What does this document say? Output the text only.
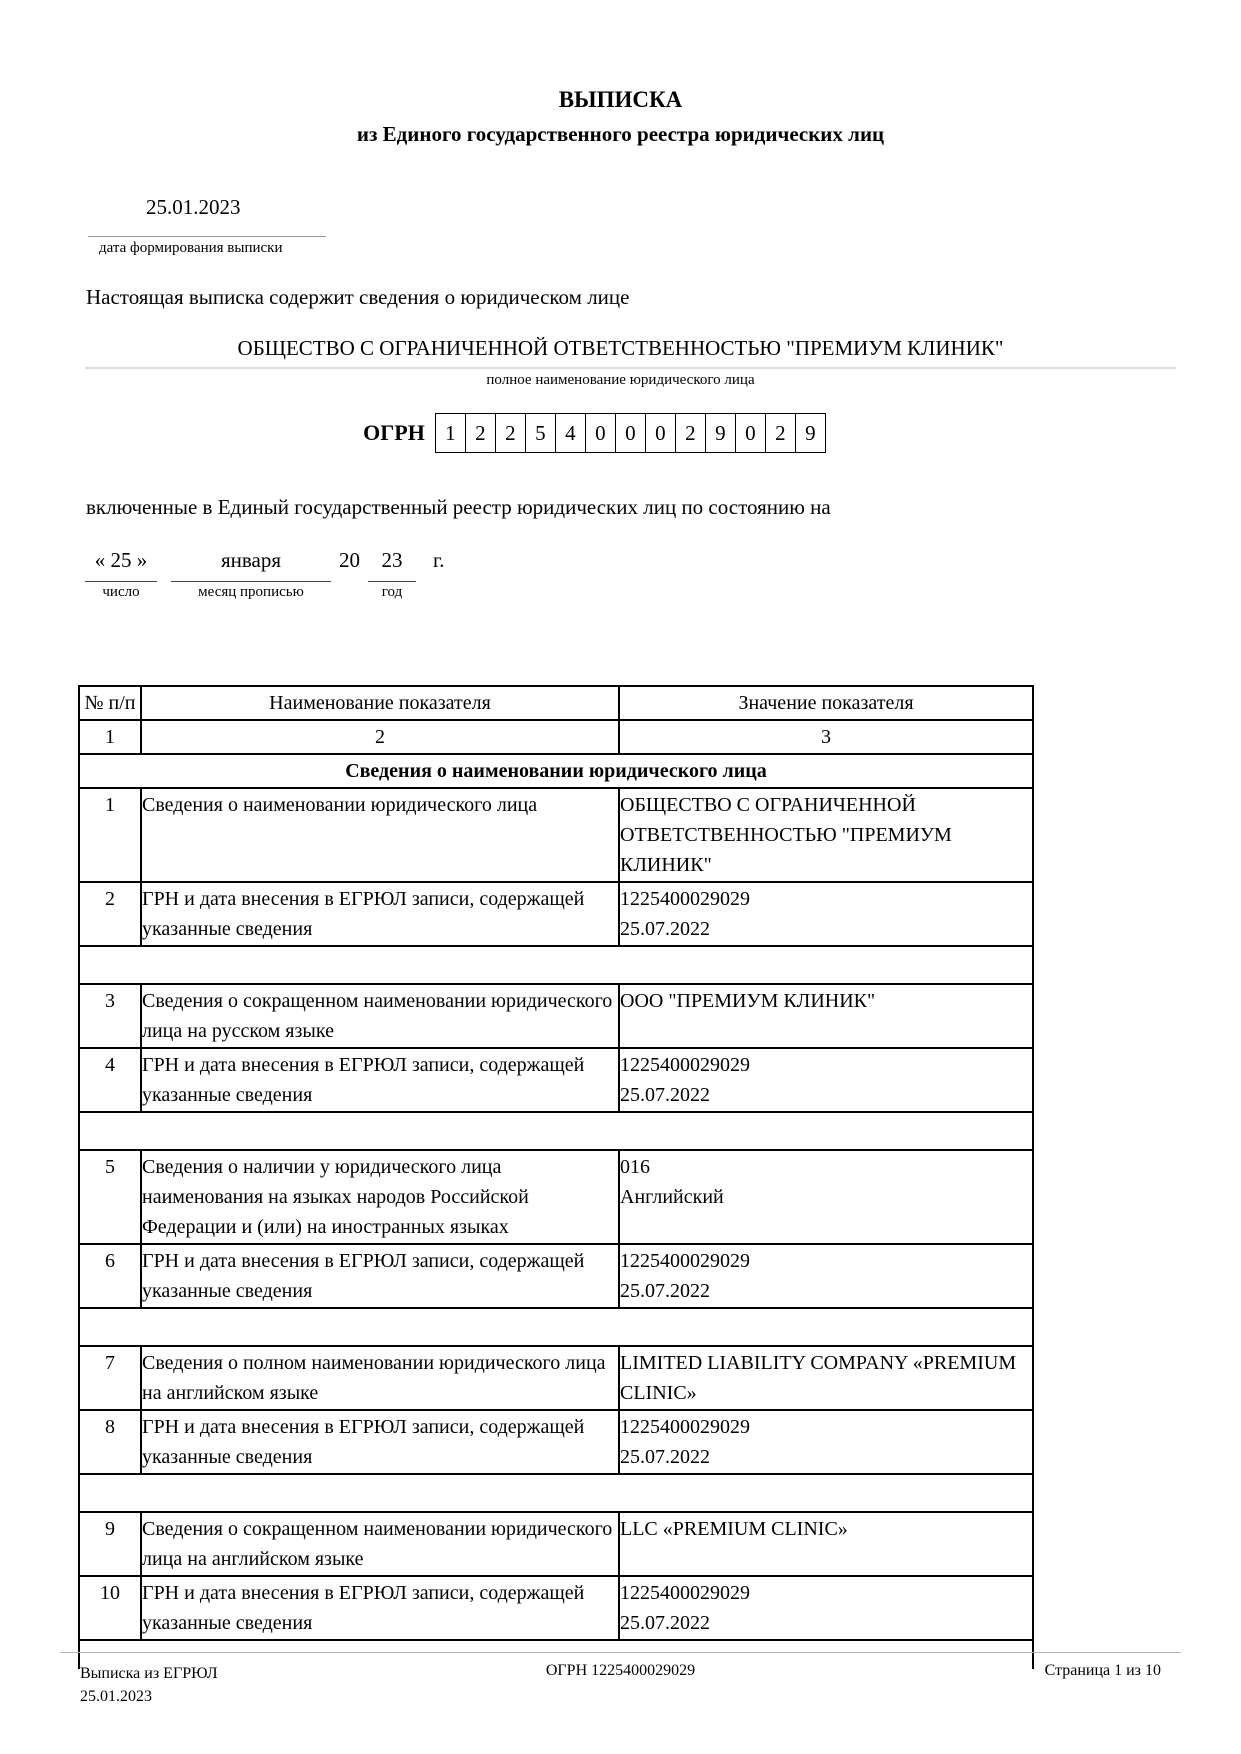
ВЫПИСКА
из Единого государственного реестра юридических лиц
25.01.2023
дата формирования выписки
Настоящая выписка содержит сведения о юридическом лице
ОБЩЕСТВО С ОГРАНИЧЕННОЙ ОТВЕТСТВЕННОСТЬЮ "ПРЕМИУМ КЛИНИК"
полное наименование юридического лица
ОГРН 1 2 2 5 4 0 0 0 2 9 0 2 9
включенные в Единый государственный реестр юридических лиц по состоянию на
« 25 »
число
января
месяц прописью
20	23
год
г.
№ п/п	Наименование показателя	Значение показателя
1	2	3
Сведения о наименовании юридического лица		
1	Сведения о наименовании юридического лица	ОБЩЕСТВО С ОГРАНИЧЕННОЙ ОТВЕТСТВЕННОСТЬЮ "ПРЕМИУМ КЛИНИК"

2	ГРН и дата внесения в ЕГРЮЛ записи, содержащей указанные сведения	1225400029029
25.07.2022

3	Сведения о сокращенном наименовании юридического лица на русском языке	ООО "ПРЕМИУМ КЛИНИК"

4	ГРН и дата внесения в ЕГРЮЛ записи, содержащей указанные сведения	1225400029029
25.07.2022

5	Сведения о наличии у юридического лица наименования на языках народов Российской Федерации и (или) на иностранных языках	016
Английский

6	ГРН и дата внесения в ЕГРЮЛ записи, содержащей указанные сведения	1225400029029
25.07.2022

7	Сведения о полном наименовании юридического лица на английском языке	LIMITED LIABILITY COMPANY «PREMIUM CLINIC»

8	ГРН и дата внесения в ЕГРЮЛ записи, содержащей указанные сведения	1225400029029
25.07.2022

9	Сведения о сокращенном наименовании юридического лица на английском языке	LLC «PREMIUM CLINIC»

10	ГРН и дата внесения в ЕГРЮЛ записи, содержащей указанные сведения	1225400029029
25.07.2022

Выписка из ЕГРЮЛ
25.01.2023
ОГРН 1225400029029	Страница 1 из 10
